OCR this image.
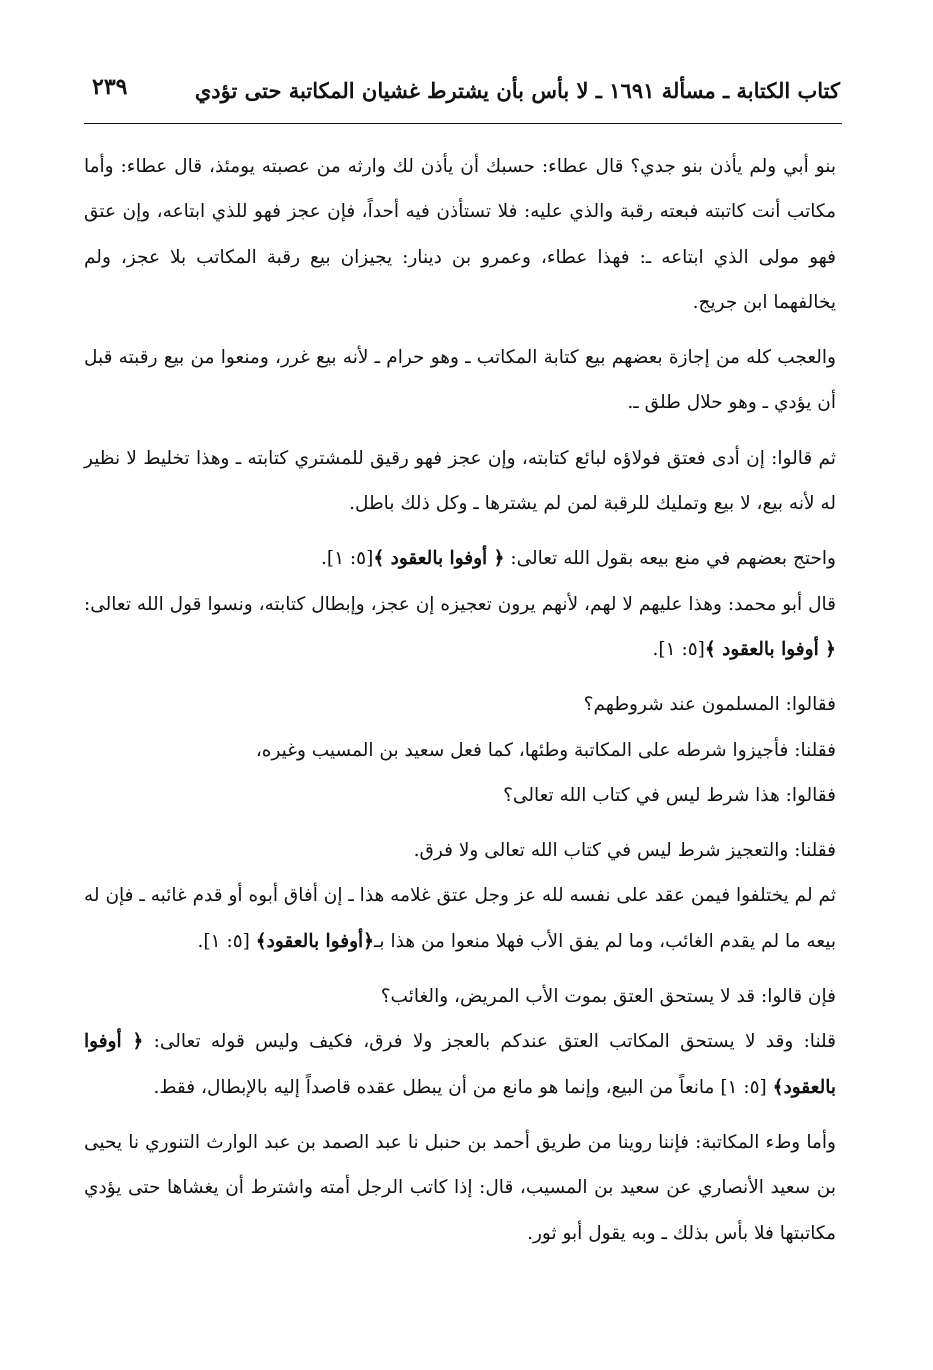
كتاب الكتابة ـ مسألة ١٦٩١ ـ لا بأس بأن يشترط غشيان المكاتبة حتى تؤدي
٢٣٩

بنو أبي ولم يأذن بنو جدي؟ قال عطاء: حسبك أن يأذن لك وارثه من عصبته يومئذ، قال عطاء: وأما مكاتب أنت كاتبته فبعته رقبة والذي عليه: فلا تستأذن فيه أحداً، فإن عجز فهو للذي ابتاعه، وإن عتق فهو مولى الذي ابتاعه ـ: فهذا عطاء، وعمرو بن دينار: يجيزان بيع رقبة المكاتب بلا عجز، ولم يخالفهما ابن جريج.

والعجب كله من إجازة بعضهم بيع كتابة المكاتب ـ وهو حرام ـ لأنه بيع غرر، ومنعوا من بيع رقبته قبل أن يؤدي ـ وهو حلال طلق ـ.

ثم قالوا: إن أدى فعتق فولاؤه لبائع كتابته، وإن عجز فهو رقيق للمشتري كتابته ـ وهذا تخليط لا نظير له لأنه بيع، لا بيع وتمليك للرقبة لمن لم يشترها ـ وكل ذلك باطل.

واحتج بعضهم في منع بيعه بقول الله تعالى: ﴿ أوفوا بالعقود ﴾[٥: ١].

قال أبو محمد: وهذا عليهم لا لهم، لأنهم يرون تعجيزه إن عجز، وإبطال كتابته، ونسوا قول الله تعالى: ﴿ أوفوا بالعقود ﴾[٥: ١].

فقالوا: المسلمون عند شروطهم؟

فقلنا: فأجيزوا شرطه على المكاتبة وطئها، كما فعل سعيد بن المسيب وغيره،

فقالوا: هذا شرط ليس في كتاب الله تعالى؟

فقلنا: والتعجيز شرط ليس في كتاب الله تعالى ولا فرق.

ثم لم يختلفوا فيمن عقد على نفسه لله عز وجل عتق غلامه هذا ـ إن أفاق أبوه أو قدم غائبه ـ فإن له بيعه ما لم يقدم الغائب، وما لم يفق الأب فهلا منعوا من هذا بـ﴿أوفوا بالعقود﴾ [٥: ١].

فإن قالوا: قد لا يستحق العتق بموت الأب المريض، والغائب؟

قلنا: وقد لا يستحق المكاتب العتق عندكم بالعجز ولا فرق، فكيف وليس قوله تعالى: ﴿ أوفوا بالعقود﴾ [٥: ١] مانعاً من البيع، وإنما هو مانع من أن يبطل عقده قاصداً إليه بالإبطال، فقط.

وأما وطء المكاتبة: فإننا روينا من طريق أحمد بن حنبل نا عبد الصمد بن عبد الوارث التنوري نا يحيى بن سعيد الأنصاري عن سعيد بن المسيب، قال: إذا كاتب الرجل أمته واشترط أن يغشاها حتى يؤدي مكاتبتها فلا بأس بذلك ـ وبه يقول أبو ثور.
